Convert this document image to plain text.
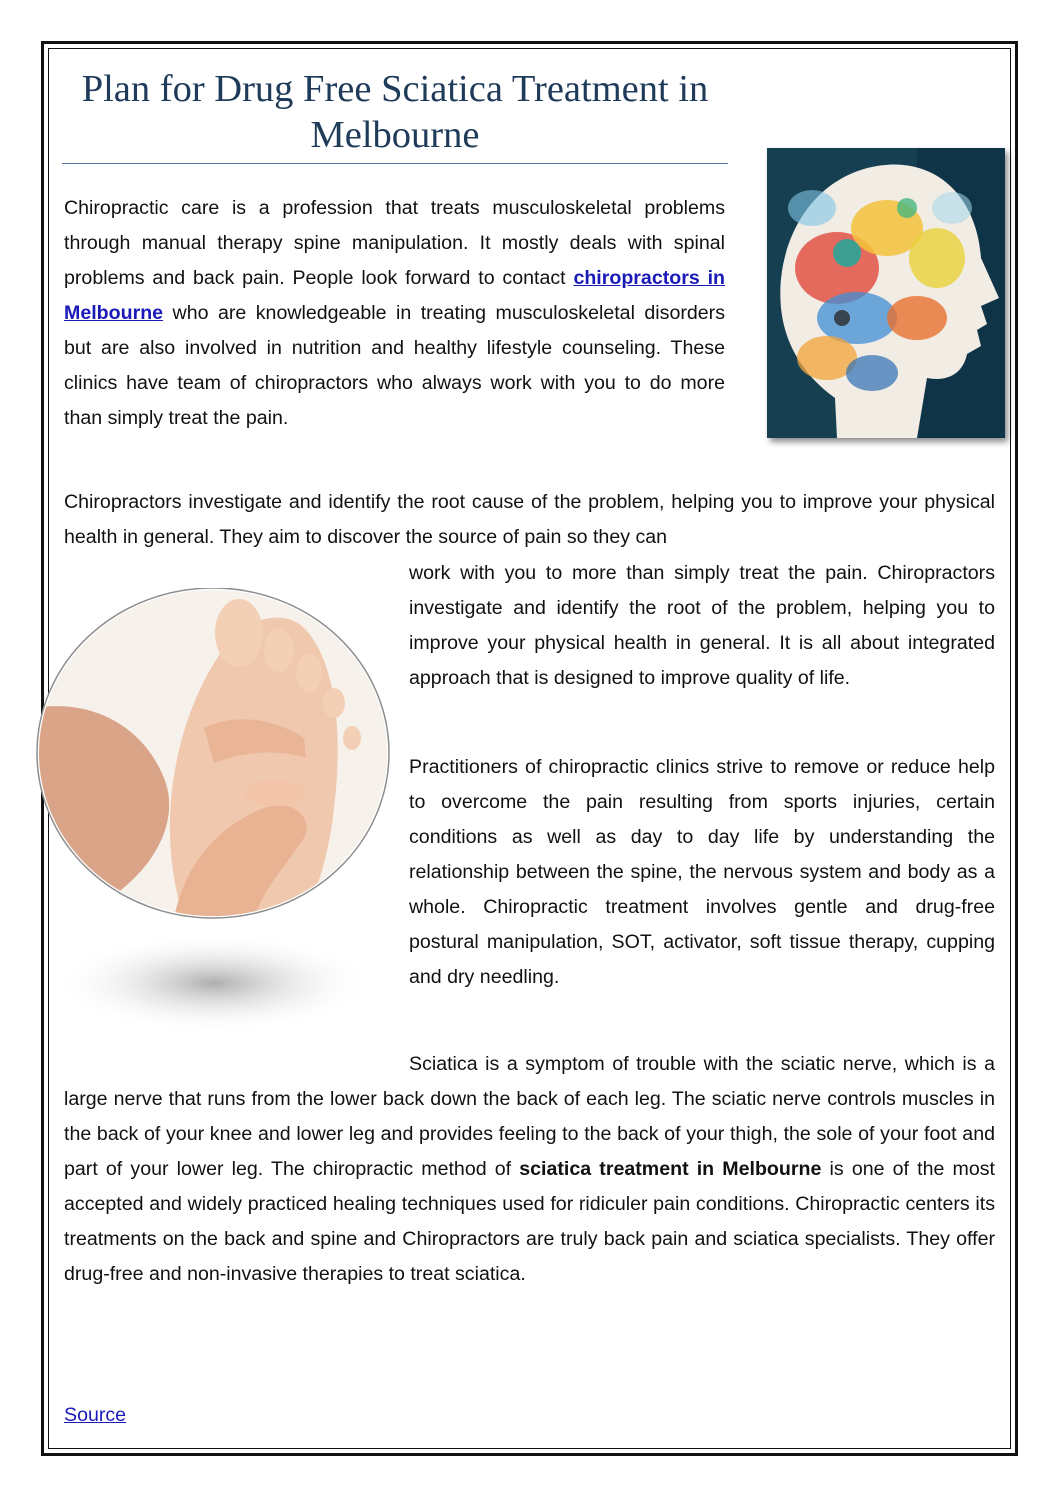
Plan for Drug Free Sciatica Treatment in Melbourne

Chiropractic care is a profession that treats musculoskeletal problems through manual therapy spine manipulation. It mostly deals with spinal problems and back pain. People look forward to contact chiropractors in Melbourne who are knowledgeable in treating musculoskeletal disorders but are also involved in nutrition and healthy lifestyle counseling. These clinics have team of chiropractors who always work with you to do more than simply treat the pain.

Chiropractors investigate and identify the root cause of the problem, helping you to improve your physical health in general. They aim to discover the source of pain so they can

work with you to more than simply treat the pain. Chiropractors investigate and identify the root of the problem, helping you to improve your physical health in general. It is all about integrated approach that is designed to improve quality of life.

Practitioners of chiropractic clinics strive to remove or reduce help to overcome the pain resulting from sports injuries, certain conditions as well as day to day life by understanding the relationship between the spine, the nervous system and body as a whole. Chiropractic treatment involves gentle and drug-free postural manipulation, SOT, activator, soft tissue therapy, cupping and dry needling.

Sciatica is a symptom of trouble with the sciatic nerve, which is a large nerve that runs from the lower back down the back of each leg. The sciatic nerve controls muscles in the back of your knee and lower leg and provides feeling to the back of your thigh, the sole of your foot and part of your lower leg. The chiropractic method of sciatica treatment in Melbourne is one of the most accepted and widely practiced healing techniques used for ridiculer pain conditions. Chiropractic centers its treatments on the back and spine and Chiropractors are truly back pain and sciatica specialists. They offer drug-free and non-invasive therapies to treat sciatica.

Source
